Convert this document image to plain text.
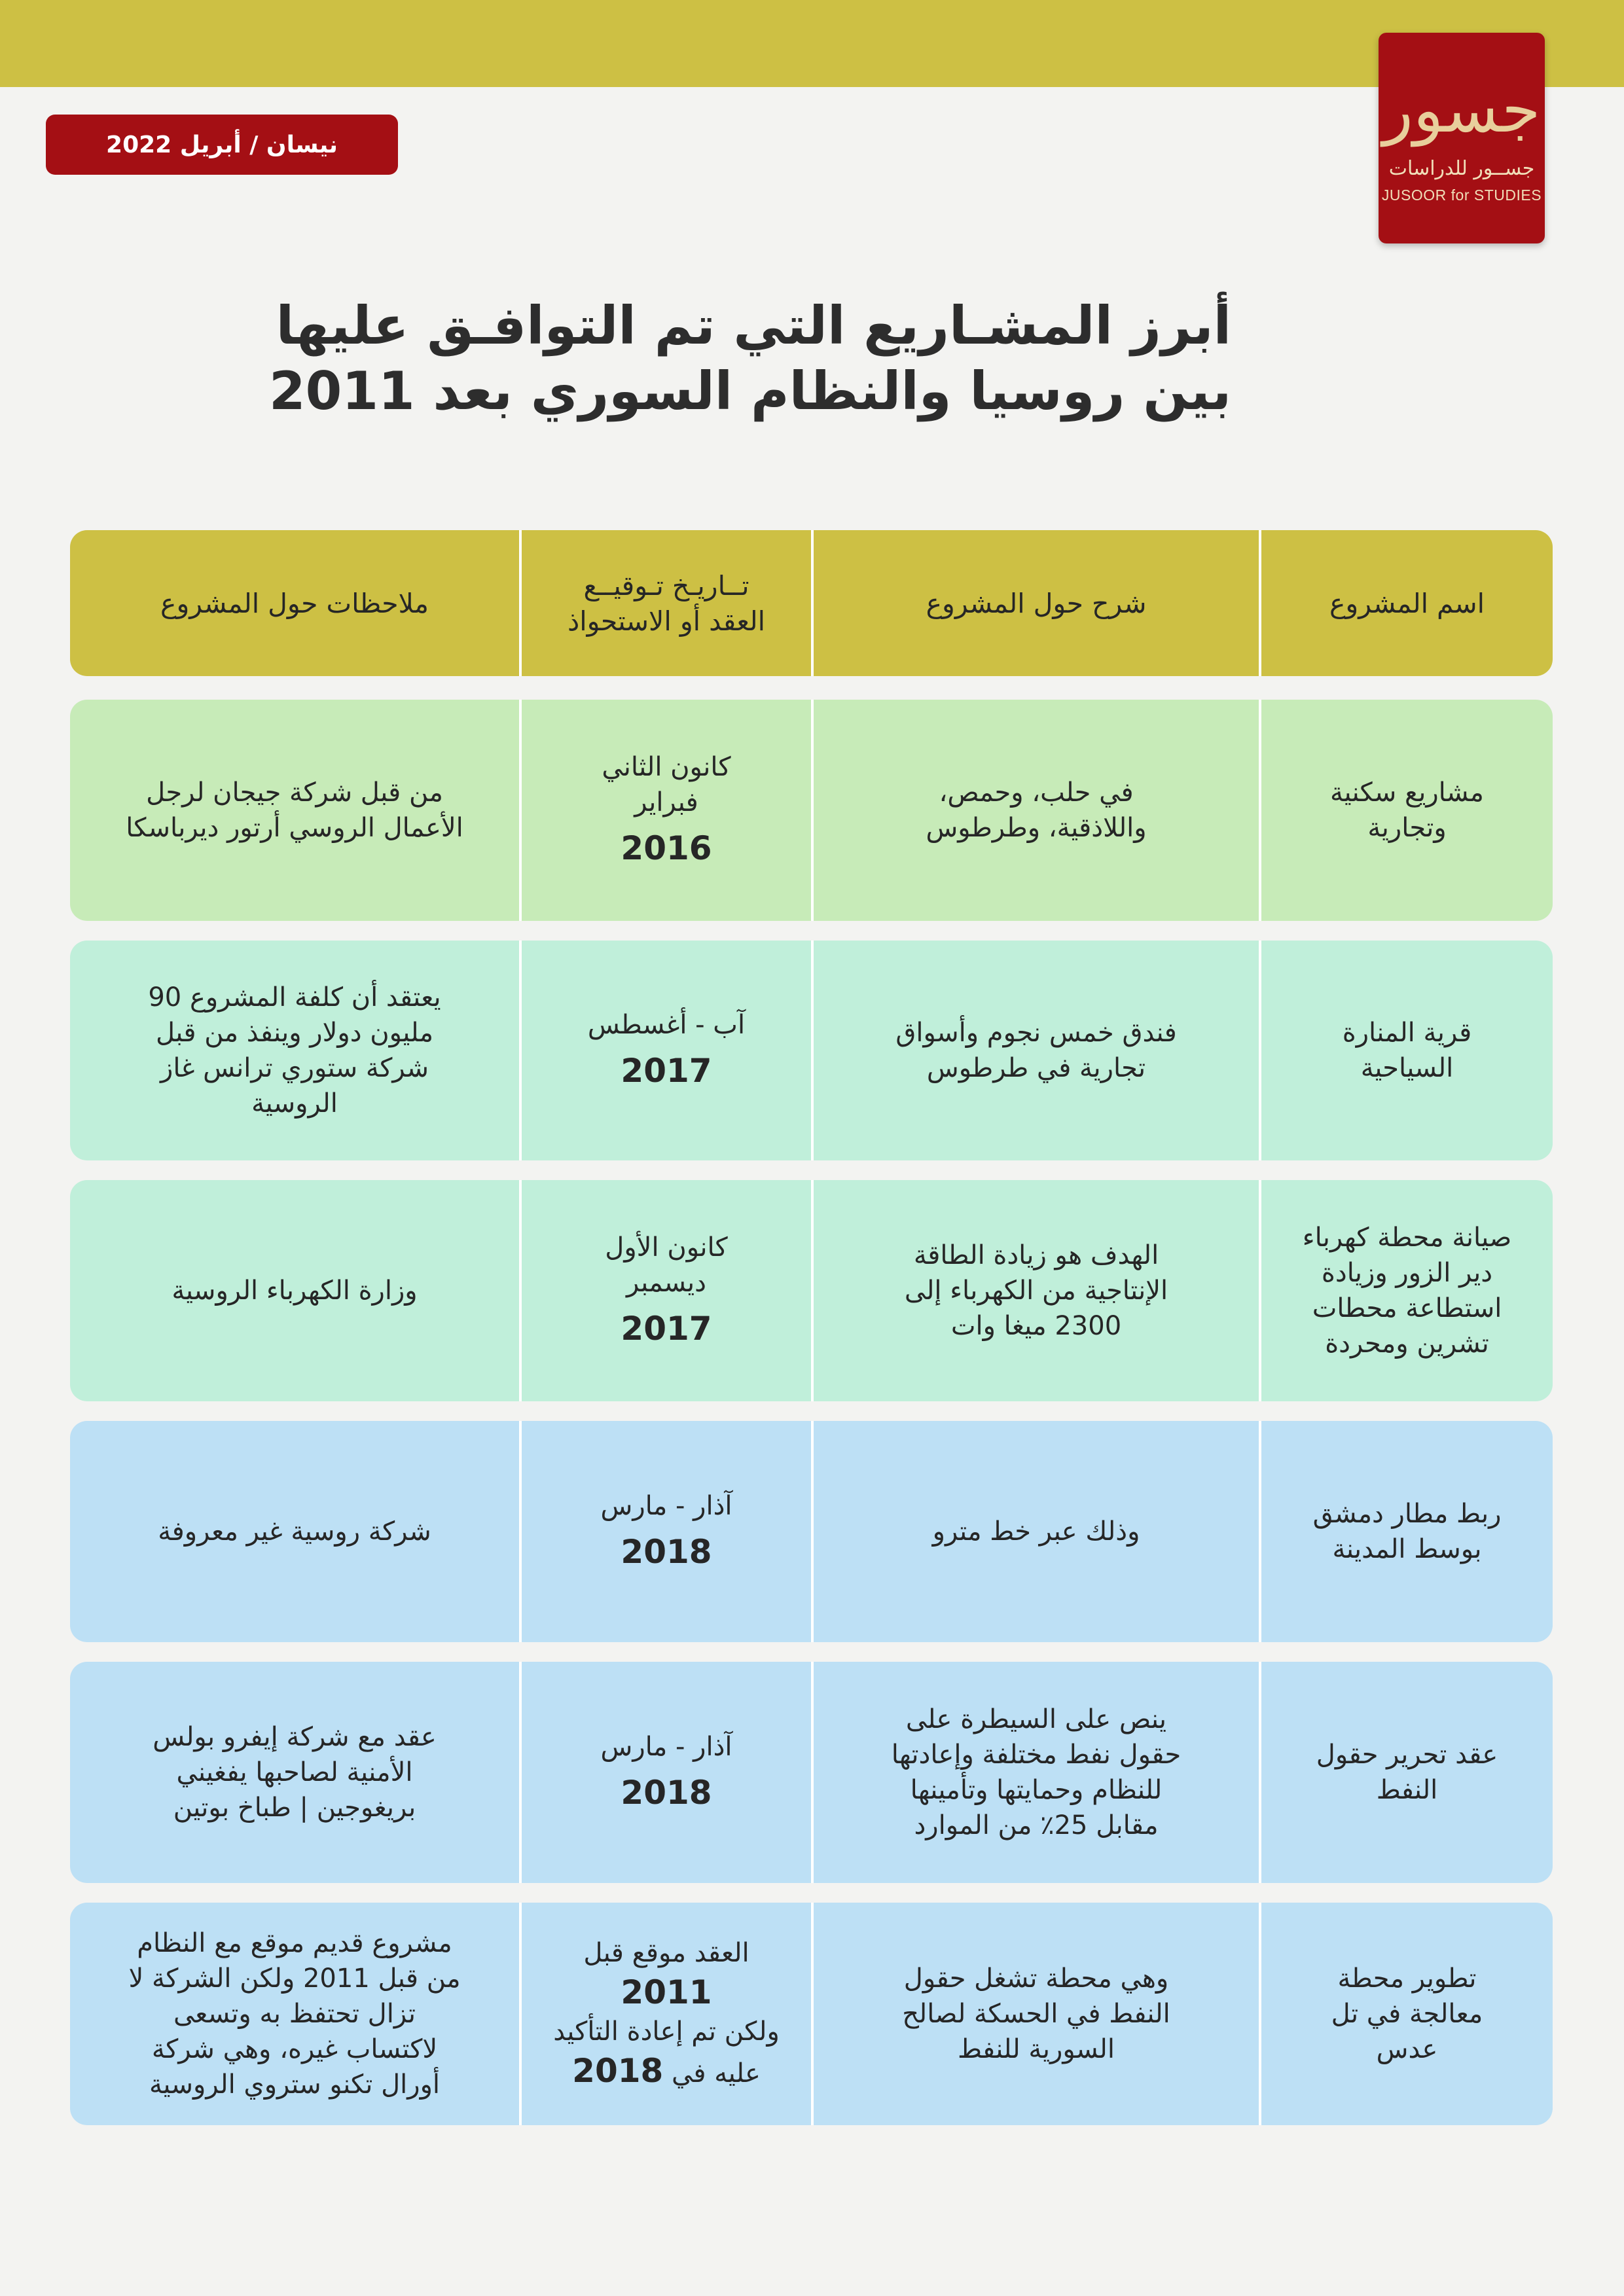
جسور
جســور للدراسات
JUSOOR for STUDIES
نيسان / أبريل 2022
أبرز المشـاريع التي تم التوافـق عليها
بين روسيا والنظام السوري بعد 2011
اسم المشروع
شرح حول المشروع
تــاريـخ تـوقيــع
العقد أو الاستحواذ
ملاحظات حول المشروع
مشاريع سكنية
وتجارية
في حلب، وحمص،
واللاذقية، وطرطوس
كانون الثاني
فبراير
2016
من قبل شركة جيجان لرجل
الأعمال الروسي أرتور ديرباسكا
قرية المنارة
السياحية
فندق خمس نجوم وأسواق
تجارية في طرطوس
آب - أغسطس
2017
يعتقد أن كلفة المشروع 90
مليون دولار وينفذ من قبل
شركة ستوري ترانس غاز
الروسية
صيانة محطة كهرباء
دير الزور وزيادة
استطاعة محطات
تشرين ومحردة
الهدف هو زيادة الطاقة
الإنتاجية من الكهرباء إلى
2300 ميغا وات
كانون الأول
ديسمبر
2017
وزارة الكهرباء الروسية
ربط مطار دمشق
بوسط المدينة
وذلك عبر خط مترو
آذار - مارس
2018
شركة روسية غير معروفة
عقد تحرير حقول
النفط
ينص على السيطرة على
حقول نفط مختلفة وإعادتها
للنظام وحمايتها وتأمينها
مقابل 25٪ من الموارد
آذار - مارس
2018
عقد مع شركة إيفرو بولس
الأمنية لصاحبها يفغيني
بريغوجين | طباخ بوتين
تطوير محطة
معالجة في تل
عدس
وهي محطة تشغل حقول
النفط في الحسكة لصالح
السورية للنفط
العقد موقع قبل
2011
ولكن تم إعادة التأكيد
عليه في 2018
مشروع قديم موقع مع النظام
من قبل 2011 ولكن الشركة لا
تزال تحتفظ به وتسعى
لاكتساب غيره، وهي شركة
أورال تكنو ستروي الروسية
